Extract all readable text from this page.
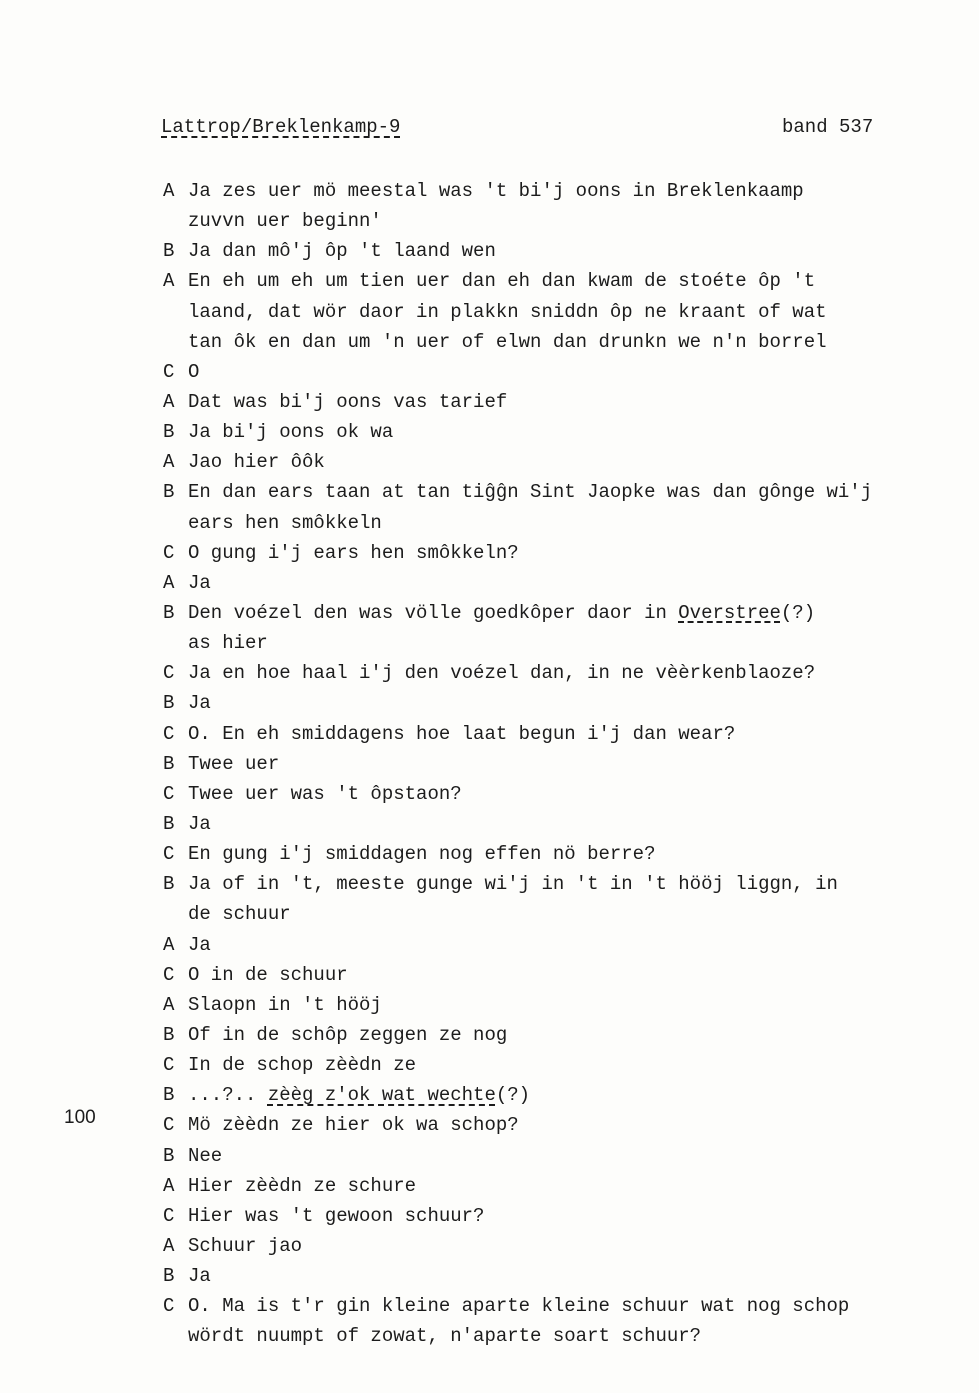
Lattrop/Breklenkamp-9	band 537
100
A Ja zes uer mö meestal was 't bi'j oons in Breklenkaamp
zuvvn uer beginn'
B Ja dan mô'j ôp 't laand wen
A En eh um eh um tien uer dan eh dan kwam de stoéte ôp 't
laand, dat wör daor in plakkn sniddn ôp ne kraant of wat
tan ôk en dan um 'n uer of elwn dan drunkn we n'n borrel
C O
A Dat was bi'j oons vas tarief
B Ja bi'j oons ok wa
A Jao hier ôôk
B En dan ears taan at tan tiĝĝn Sint Jaopke was dan gônge wi'j
ears hen smôkkeln
C O gung i'j ears hen smôkkeln?
A Ja
B Den voézel den was völle goedkôper daor in Overstree(?)
as hier
C Ja en hoe haal i'j den voézel dan, in ne vèèrkenblaoze?
B Ja
C O. En eh smiddagens hoe laat begun i'j dan wear?
B Twee uer
C Twee uer was 't ôpstaon?
B Ja
C En gung i'j smiddagen nog effen nö berre?
B Ja of in 't, meeste gunge wi'j in 't in 't hööj liggn, in
de schuur
A Ja
C O in de schuur
A Slaopn in 't hööj
B Of in de schôp zeggen ze nog
C In de schop zèèdn ze
B ...?.. zèèg z'ok wat wechte(?)
C Mö zèèdn ze hier ok wa schop?
B Nee
A Hier zèèdn ze schure
C Hier was 't gewoon schuur?
A Schuur jao
B Ja
C O. Ma is t'r gin kleine aparte kleine schuur wat nog schop
wördt nuumpt of zowat, n'aparte soart schuur?
